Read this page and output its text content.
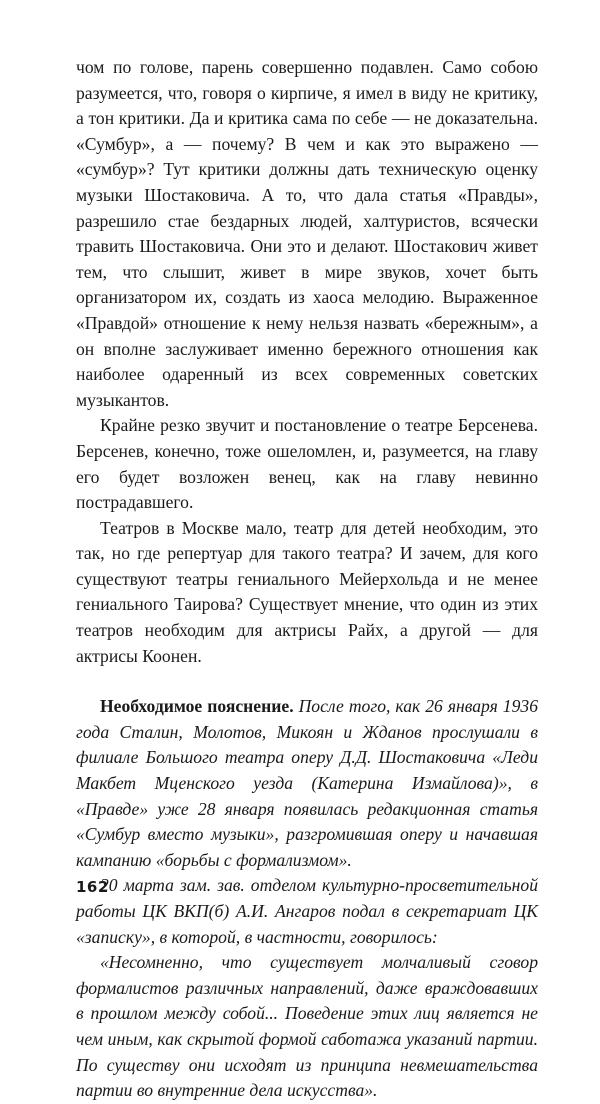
чом по голове, парень совершенно подавлен. Само собою разумеется, что, говоря о кирпиче, я имел в виду не критику, а тон критики. Да и критика сама по себе — не доказательна. «Сумбур», а — почему? В чем и как это выражено — «сумбур»? Тут критики должны дать техническую оценку музыки Шостаковича. А то, что дала статья «Правды», разрешило стае бездарных людей, халтуристов, всячески травить Шостаковича. Они это и делают. Шостакович живет тем, что слышит, живет в мире звуков, хочет быть организатором их, создать из хаоса мелодию. Выраженное «Правдой» отношение к нему нельзя назвать «бережным», а он вполне заслуживает именно бережного отношения как наиболее одаренный из всех современных советских музыкантов.

Крайне резко звучит и постановление о театре Берсенева. Берсенев, конечно, тоже ошеломлен, и, разумеется, на главу его будет возложен венец, как на главу невинно пострадавшего.

Театров в Москве мало, театр для детей необходим, это так, но где репертуар для такого театра? И зачем, для кого существуют театры гениального Мейерхольда и не менее гениального Таирова? Существует мнение, что один из этих театров необходим для актрисы Райх, а другой — для актрисы Коонен.

Необходимое пояснение. После того, как 26 января 1936 года Сталин, Молотов, Микоян и Жданов прослушали в филиале Большого театра оперу Д.Д. Шостаковича «Леди Макбет Мценского уезда (Катерина Измайлова)», в «Правде» уже 28 января появилась редакционная статья «Сумбур вместо музыки», разгромившая оперу и начавшая кампанию «борьбы с формализмом».

20 марта зам. зав. отделом культурно-просветительной работы ЦК ВКП(б) А.И. Ангаров подал в секретариат ЦК «записку», в которой, в частности, говорилось:

«Несомненно, что существует молчаливый сговор формалистов различных направлений, даже враждовавших в прошлом между собой... Поведение этих лиц является не чем иным, как скрытой формой саботажа указаний партии. По существу они исходят из принципа невмешательства партии во внутренние дела искусства».

162
